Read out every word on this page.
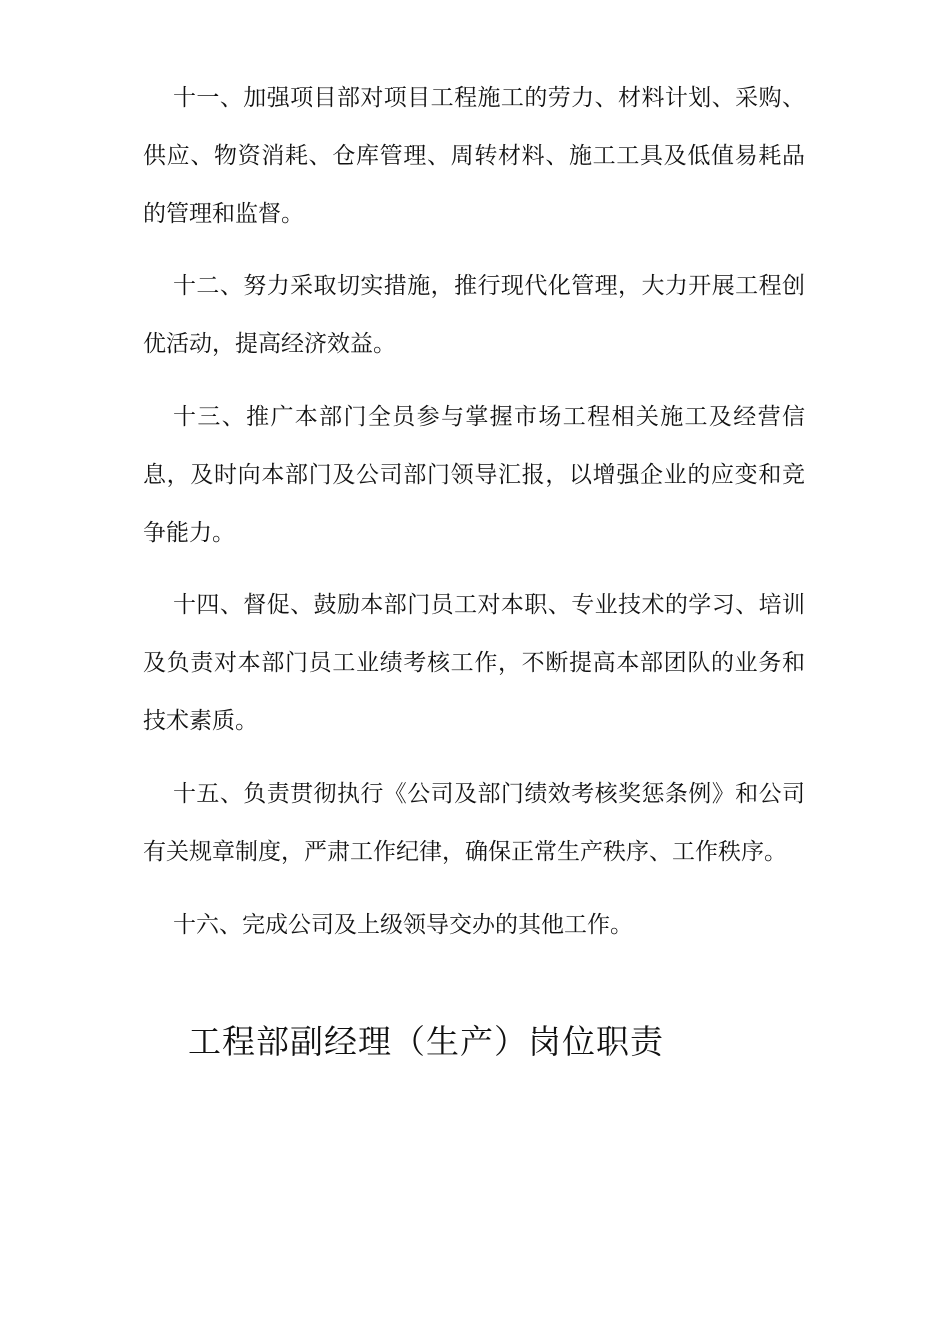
十一、加强项目部对项目工程施工的劳力、材料计划、采购、供应、物资消耗、仓库管理、周转材料、施工工具及低值易耗品的管理和监督。

十二、努力采取切实措施，推行现代化管理，大力开展工程创优活动，提高经济效益。

十三、推广本部门全员参与掌握市场工程相关施工及经营信息，及时向本部门及公司部门领导汇报，以增强企业的应变和竞争能力。

十四、督促、鼓励本部门员工对本职、专业技术的学习、培训及负责对本部门员工业绩考核工作，不断提高本部团队的业务和技术素质。

十五、负责贯彻执行《公司及部门绩效考核奖惩条例》和公司有关规章制度，严肃工作纪律，确保正常生产秩序、工作秩序。

十六、完成公司及上级领导交办的其他工作。

工程部副经理（生产）岗位职责
